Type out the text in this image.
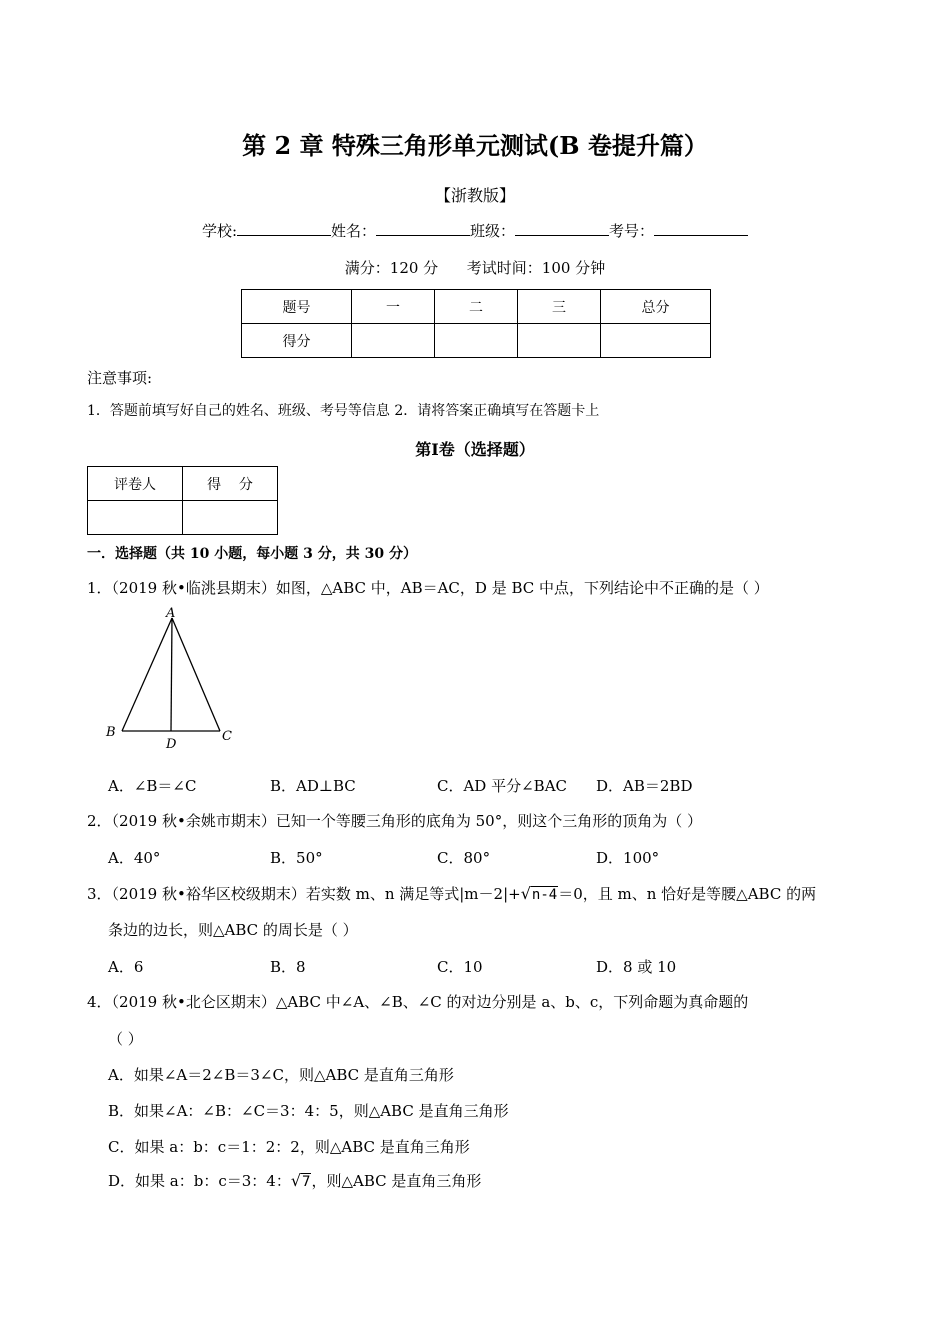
第 2 章 特殊三角形单元测试(B 卷提升篇）
【浙教版】
学校:	姓名：	班级：	考号：
满分：120 分      考试时间：100 分钟
题号	一	二	三	总分
得分				
注意事项:
1．答题前填写好自己的姓名、班级、考号等信息 2．请将答案正确填写在答题卡上
第Ⅰ卷（选择题）
评卷人	得    分

一．选择题（共 10 小题，每小题 3 分，共 30 分）
1．（2019 秋•临洮县期末）如图，△ABC 中，AB＝AC，D 是 BC 中点，下列结论中不正确的是（ ）
A
B	C
D
A．∠B＝∠C	B．AD⊥BC	C．AD 平分∠BAC D．AB＝2BD
2．（2019 秋•余姚市期末）已知一个等腰三角形的底角为 50°，则这个三角形的顶角为（ ）
A．40°	B．50°	C．80°	D．100°
3．（2019 秋•裕华区校级期末）若实数 m、n 满足等式|m－2|+√n-4＝0，且 m、n 恰好是等腰△ABC 的两
条边的边长，则△ABC 的周长是（ ）
A．6	B．8	C．10	D．8 或 10
4．（2019 秋•北仑区期末）△ABC 中∠A、∠B、∠C 的对边分别是 a、b、c，下列命题为真命题的
（ ）
A．如果∠A＝2∠B＝3∠C，则△ABC 是直角三角形
B．如果∠A：∠B：∠C＝3：4：5，则△ABC 是直角三角形
C．如果 a：b：c＝1：2：2，则△ABC 是直角三角形
D．如果 a：b：c＝3：4：√7，则△ABC 是直角三角形
